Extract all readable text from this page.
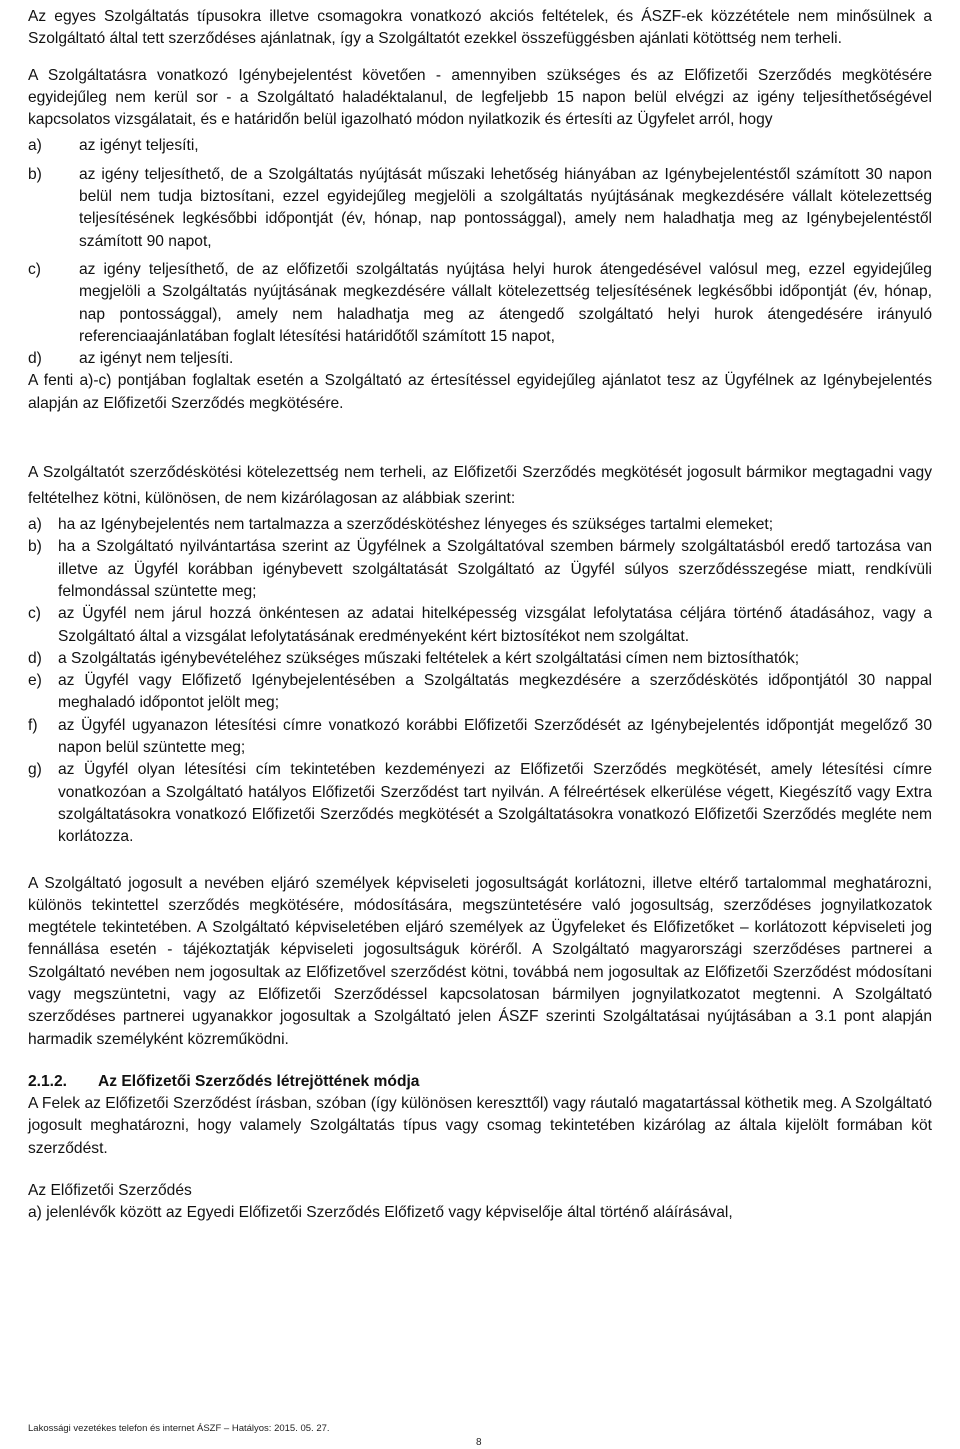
Az egyes Szolgáltatás típusokra illetve csomagokra vonatkozó akciós feltételek, és ÁSZF-ek közzététele nem minősülnek a Szolgáltató által tett szerződéses ajánlatnak, így a Szolgáltatót ezekkel összefüggésben ajánlati kötöttség nem terheli.

A Szolgáltatásra vonatkozó Igénybejelentést követően - amennyiben szükséges és az Előfizetői Szerződés megkötésére egyidejűleg nem kerül sor - a Szolgáltató haladéktalanul, de legfeljebb 15 napon belül elvégzi az igény teljesíthetőségével kapcsolatos vizsgálatait, és e határidőn belül igazolható módon nyilatkozik és értesíti az Ügyfelet arról, hogy

a)	az igényt teljesíti,
b)	az igény teljesíthető, de a Szolgáltatás nyújtását műszaki lehetőség hiányában az Igénybejelentéstől számított 30 napon belül nem tudja biztosítani, ezzel egyidejűleg megjelöli a szolgáltatás nyújtásának megkezdésére vállalt kötelezettség teljesítésének legkésőbbi időpontját (év, hónap, nap pontossággal), amely nem haladhatja meg az Igénybejelentéstől számított 90 napot,
c)	az igény teljesíthető, de az előfizetői szolgáltatás nyújtása helyi hurok átengedésével valósul meg, ezzel egyidejűleg megjelöli a Szolgáltatás nyújtásának megkezdésére vállalt kötelezettség teljesítésének legkésőbbi időpontját (év, hónap, nap pontossággal), amely nem haladhatja meg az átengedő szolgáltató helyi hurok átengedésére irányuló referenciaajánlatában foglalt létesítési határidőtől számított 15 napot,
d)	az igényt nem teljesíti.

A fenti a)-c) pontjában foglaltak esetén a Szolgáltató az értesítéssel egyidejűleg ajánlatot tesz az Ügyfélnek az Igénybejelentés alapján az Előfizetői Szerződés megkötésére.

A Szolgáltatót szerződéskötési kötelezettség nem terheli, az Előfizetői Szerződés megkötését jogosult bármikor megtagadni vagy feltételhez kötni, különösen, de nem kizárólagosan az alábbiak szerint:

a)	ha az Igénybejelentés nem tartalmazza a szerződéskötéshez lényeges és szükséges tartalmi elemeket;
b)	ha a Szolgáltató nyilvántartása szerint az Ügyfélnek a Szolgáltatóval szemben bármely szolgáltatásból eredő tartozása van illetve az Ügyfél korábban igénybevett szolgáltatását Szolgáltató az Ügyfél súlyos szerződésszegése miatt, rendkívüli felmondással szüntette meg;
c)	az Ügyfél nem járul hozzá önkéntesen az adatai hitelképesség vizsgálat lefolytatása céljára történő átadásához, vagy a Szolgáltató által a vizsgálat lefolytatásának eredményeként kért biztosítékot nem szolgáltat.
d)	a Szolgáltatás igénybevételéhez szükséges műszaki feltételek a kért szolgáltatási címen nem biztosíthatók;
e)	az Ügyfél vagy Előfizető Igénybejelentésében a Szolgáltatás megkezdésére a szerződéskötés időpontjától 30 nappal meghaladó időpontot jelölt meg;
f)	az Ügyfél ugyanazon létesítési címre vonatkozó korábbi Előfizetői Szerződését az Igénybejelentés időpontját megelőző 30 napon belül szüntette meg;
g)	az Ügyfél olyan létesítési cím tekintetében kezdeményezi az Előfizetői Szerződés megkötését, amely létesítési címre vonatkozóan a Szolgáltató hatályos Előfizetői Szerződést tart nyilván. A félreértések elkerülése végett, Kiegészítő vagy Extra szolgáltatásokra vonatkozó Előfizetői Szerződés megkötését a Szolgáltatásokra vonatkozó Előfizetői Szerződés megléte nem korlátozza.

A Szolgáltató jogosult a nevében eljáró személyek képviseleti jogosultságát korlátozni, illetve eltérő tartalommal meghatározni, különös tekintettel szerződés megkötésére, módosítására, megszüntetésére való jogosultság, szerződéses jognyilatkozatok megtétele tekintetében. A Szolgáltató képviseletében eljáró személyek az Ügyfeleket és Előfizetőket – korlátozott képviseleti jog fennállása esetén - tájékoztatják képviseleti jogosultságuk köréről. A Szolgáltató magyarországi szerződéses partnerei a Szolgáltató nevében nem jogosultak az Előfizetővel szerződést kötni, továbbá nem jogosultak az Előfizetői Szerződést módosítani vagy megszüntetni, vagy az Előfizetői Szerződéssel kapcsolatosan bármilyen jognyilatkozatot megtenni. A Szolgáltató szerződéses partnerei ugyanakkor jogosultak a Szolgáltató jelen ÁSZF szerinti Szolgáltatásai nyújtásában a 3.1 pont alapján harmadik személyként közreműködni.

2.1.2.	Az Előfizetői Szerződés létrejöttének módja

A Felek az Előfizetői Szerződést írásban, szóban (így különösen kereszttől) vagy ráutaló magatartással köthetik meg. A Szolgáltató jogosult meghatározni, hogy valamely Szolgáltatás típus vagy csomag tekintetében kizárólag az általa kijelölt formában köt szerződést.

Az Előfizetői Szerződés

a) jelenlévők között az Egyedi Előfizetői Szerződés Előfizető vagy képviselője által történő aláírásával,

Lakossági vezetékes telefon és internet ÁSZF – Hatályos: 2015. 05. 27.
8
